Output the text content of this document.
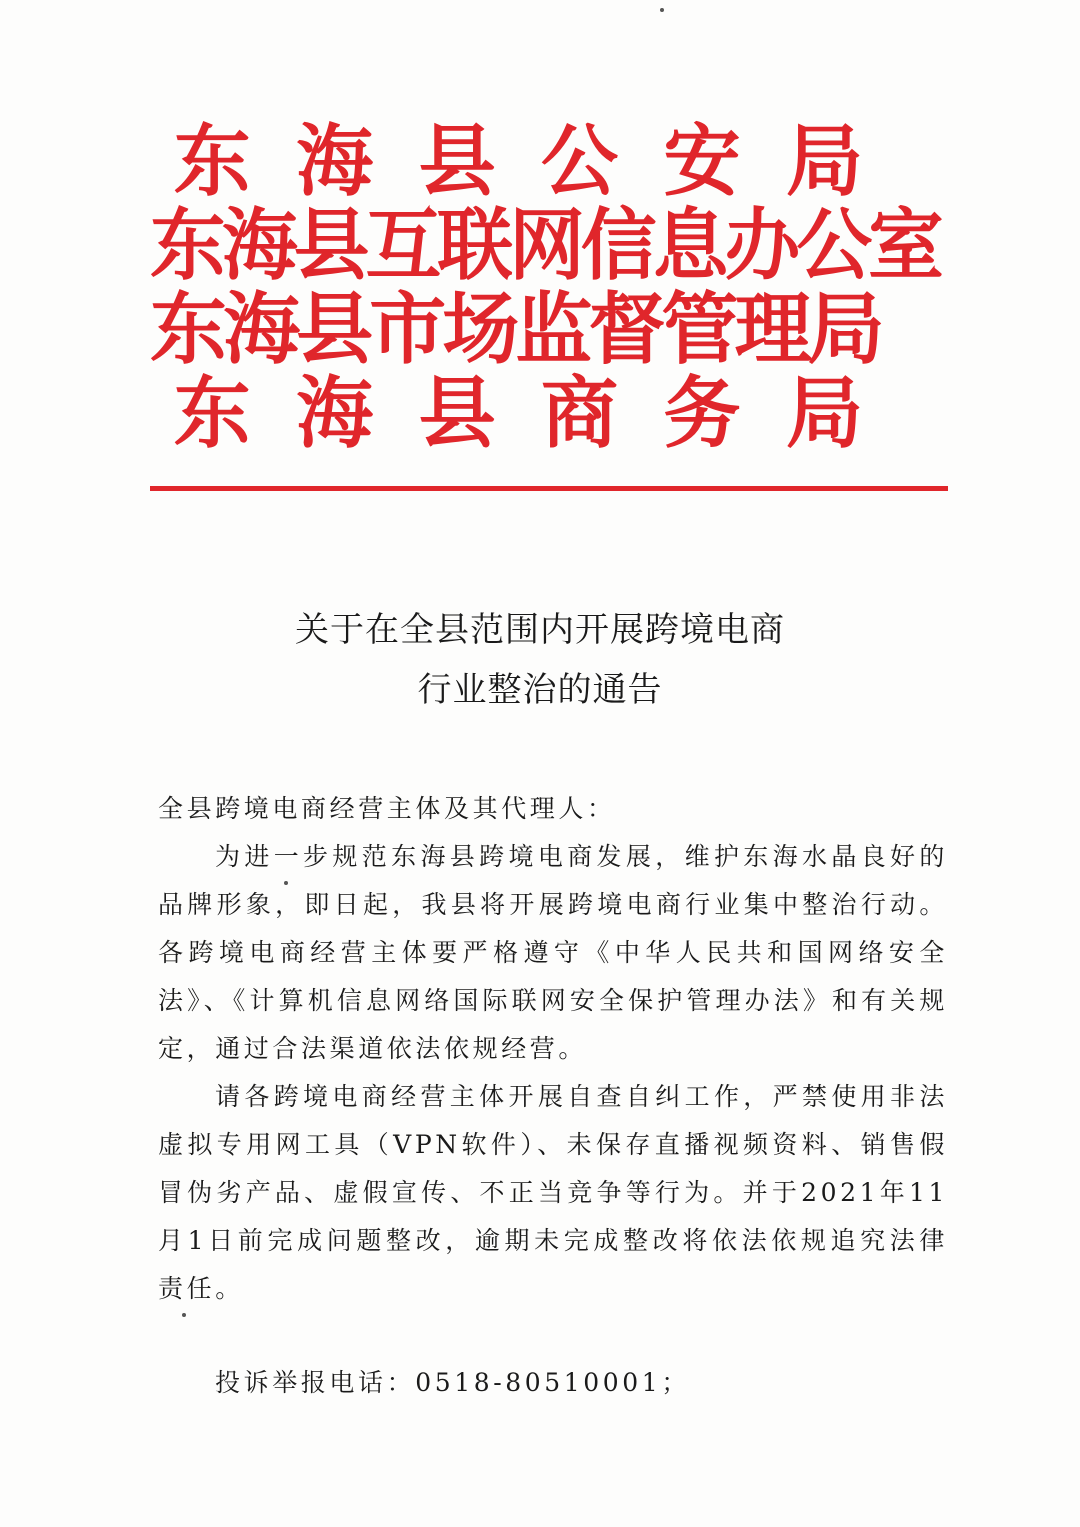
东海县公安局
东海县互联网信息办公室
东海县市场监督管理局
东海县商务局
关于在全县范围内开展跨境电商
行业整治的通告

全县跨境电商经营主体及其代理人：

为进一步规范东海县跨境电商发展，维护东海水晶良好的品牌形象，即日起，我县将开展跨境电商行业集中整治行动。各跨境电商经营主体要严格遵守《中华人民共和国网络安全法》、《计算机信息网络国际联网安全保护管理办法》和有关规定，通过合法渠道依法依规经营。

请各跨境电商经营主体开展自查自纠工作，严禁使用非法虚拟专用网工具（VPN软件）、未保存直播视频资料、销售假冒伪劣产品、虚假宣传、不正当竞争等行为。并于2021年11月1日前完成问题整改，逾期未完成整改将依法依规追究法律责任。

投诉举报电话：0518-80510001；
